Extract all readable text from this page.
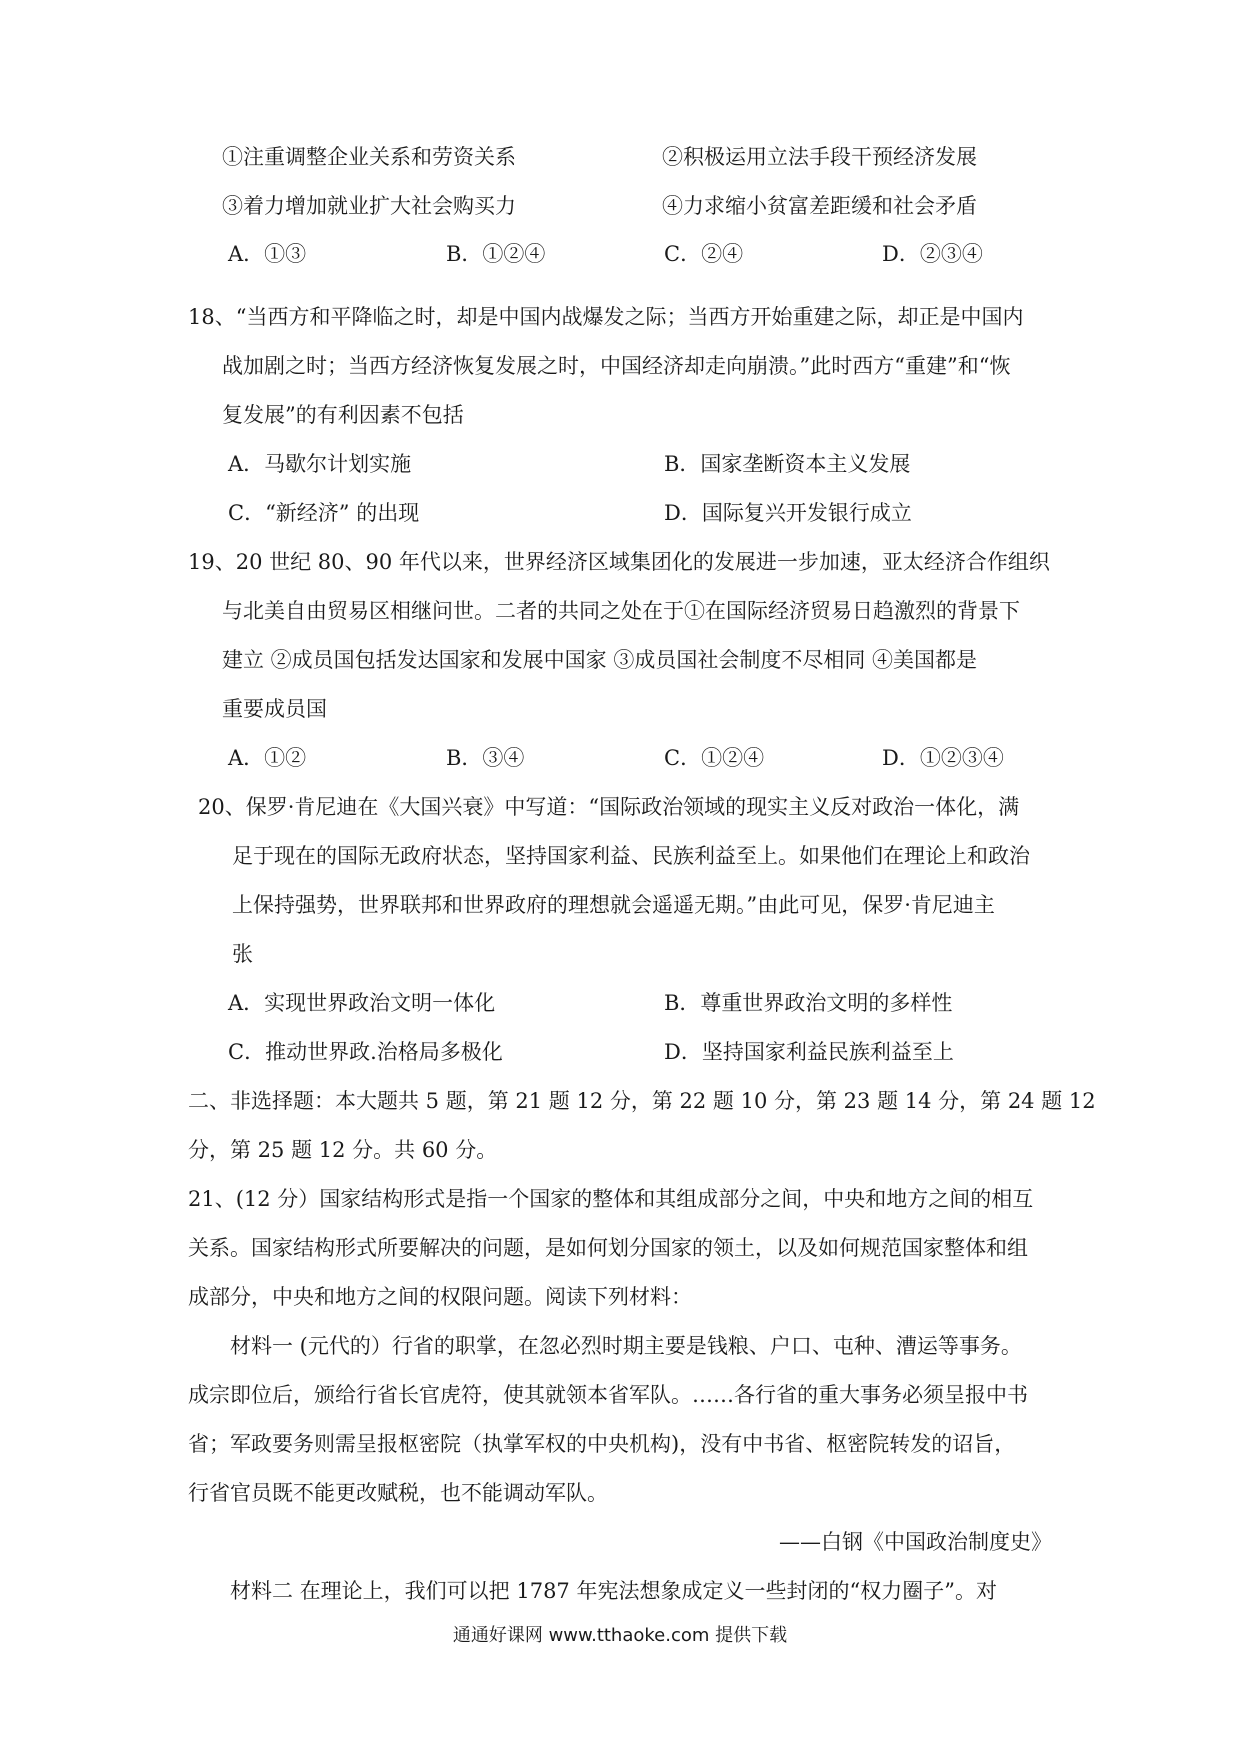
①注重调整企业关系和劳资关系	②积极运用立法手段干预经济发展
③着力增加就业扩大社会购买力	④力求缩小贫富差距缓和社会矛盾
A．①③	B．①②④	C．②④	D．②③④
18、“当西方和平降临之时，却是中国内战爆发之际；当西方开始重建之际，却正是中国内
战加剧之时；当西方经济恢复发展之时，中国经济却走向崩溃。”此时西方“重建”和“恢
复发展”的有利因素不包括
A．马歇尔计划实施	B．国家垄断资本主义发展
C．“新经济” 的出现	D．国际复兴开发银行成立
19、20 世纪 80、90 年代以来，世界经济区域集团化的发展进一步加速，亚太经济合作组织
与北美自由贸易区相继问世。二者的共同之处在于①在国际经济贸易日趋激烈的背景下
建立 ②成员国包括发达国家和发展中国家 ③成员国社会制度不尽相同 ④美国都是
重要成员国
A．①②	B．③④	C．①②④	D．①②③④
20、保罗·肯尼迪在《大国兴衰》中写道：“国际政治领域的现实主义反对政治一体化，满
足于现在的国际无政府状态，坚持国家利益、民族利益至上。如果他们在理论上和政治
上保持强势，世界联邦和世界政府的理想就会遥遥无期。”由此可见，保罗·肯尼迪主
张
A．实现世界政治文明一体化	B．尊重世界政治文明的多样性
C．推动世界政.治格局多极化	D．坚持国家利益民族利益至上
二、非选择题：本大题共 5 题，第 21 题 12 分，第 22 题 10 分，第 23 题 14 分，第 24 题 12
分，第 25 题 12 分。共 60 分。
21、(12 分）国家结构形式是指一个国家的整体和其组成部分之间，中央和地方之间的相互
关系。国家结构形式所要解决的问题，是如何划分国家的领土，以及如何规范国家整体和组
成部分，中央和地方之间的权限问题。阅读下列材料：
材料一 (元代的）行省的职掌，在忽必烈时期主要是钱粮、户口、屯种、漕运等事务。
成宗即位后，颁给行省长官虎符，使其就领本省军队。……各行省的重大事务必须呈报中书
省；军政要务则需呈报枢密院（执掌军权的中央机构)，没有中书省、枢密院转发的诏旨，
行省官员既不能更改赋税，也不能调动军队。
——白钢《中国政治制度史》
材料二 在理论上，我们可以把 1787 年宪法想象成定义一些封闭的“权力圈子”。对
通通好课网 www.tthaoke.com 提供下载
